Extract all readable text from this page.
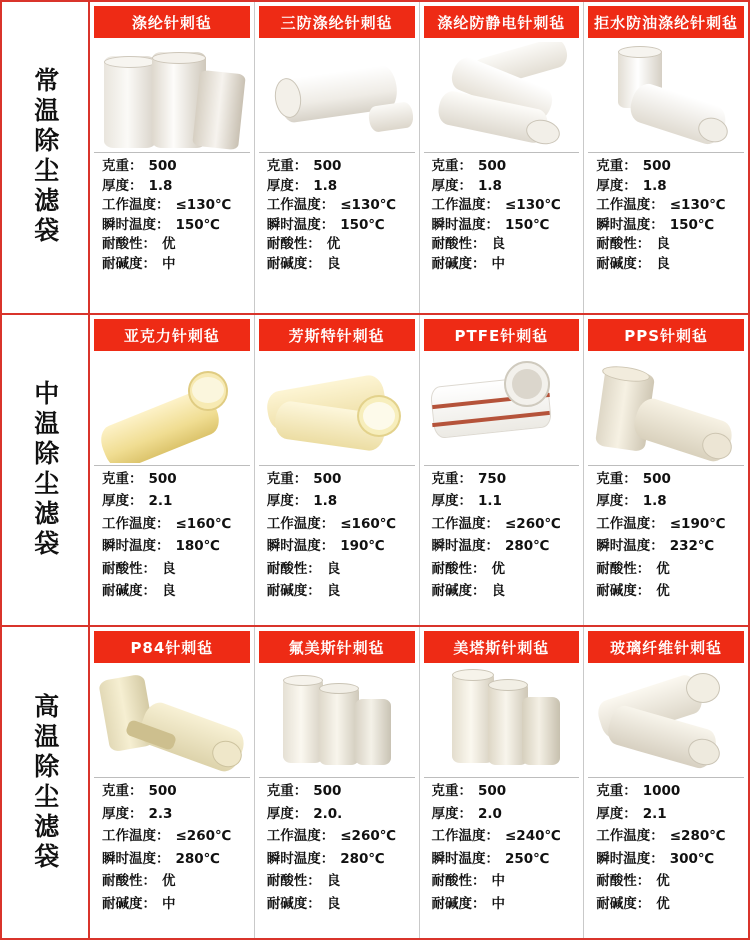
常温除尘滤袋
涤纶针刺毡
克重： 500
厚度： 1.8
工作温度： ≤130℃
瞬时温度： 150℃
耐酸性： 优
耐碱度： 中
三防涤纶针刺毡
克重： 500
厚度： 1.8
工作温度： ≤130℃
瞬时温度： 150℃
耐酸性： 优
耐碱度： 良
涤纶防静电针刺毡
克重： 500
厚度： 1.8
工作温度： ≤130℃
瞬时温度： 150℃
耐酸性： 良
耐碱度： 中
拒水防油涤纶针刺毡
克重： 500
厚度： 1.8
工作温度： ≤130℃
瞬时温度： 150℃
耐酸性： 良
耐碱度： 良
中温除尘滤袋
亚克力针刺毡
克重： 500
厚度： 2.1
工作温度： ≤160℃
瞬时温度： 180℃
耐酸性： 良
耐碱度： 良
芳斯特针刺毡
克重： 500
厚度： 1.8
工作温度： ≤160℃
瞬时温度： 190℃
耐酸性： 良
耐碱度： 良
PTFE针刺毡
克重： 750
厚度： 1.1
工作温度： ≤260℃
瞬时温度： 280℃
耐酸性： 优
耐碱度： 良
PPS针刺毡
克重： 500
厚度： 1.8
工作温度： ≤190℃
瞬时温度： 232℃
耐酸性： 优
耐碱度： 优
高温除尘滤袋
P84针刺毡
克重： 500
厚度： 2.3
工作温度： ≤260℃
瞬时温度： 280℃
耐酸性： 优
耐碱度： 中
氟美斯针刺毡
克重： 500
厚度： 2.0.
工作温度： ≤260℃
瞬时温度： 280℃
耐酸性： 良
耐碱度： 良
美塔斯针刺毡
克重： 500
厚度： 2.0
工作温度： ≤240℃
瞬时温度： 250℃
耐酸性： 中
耐碱度： 中
玻璃纤维针刺毡
克重： 1000
厚度： 2.1
工作温度： ≤280℃
瞬时温度： 300℃
耐酸性： 优
耐碱度： 优
